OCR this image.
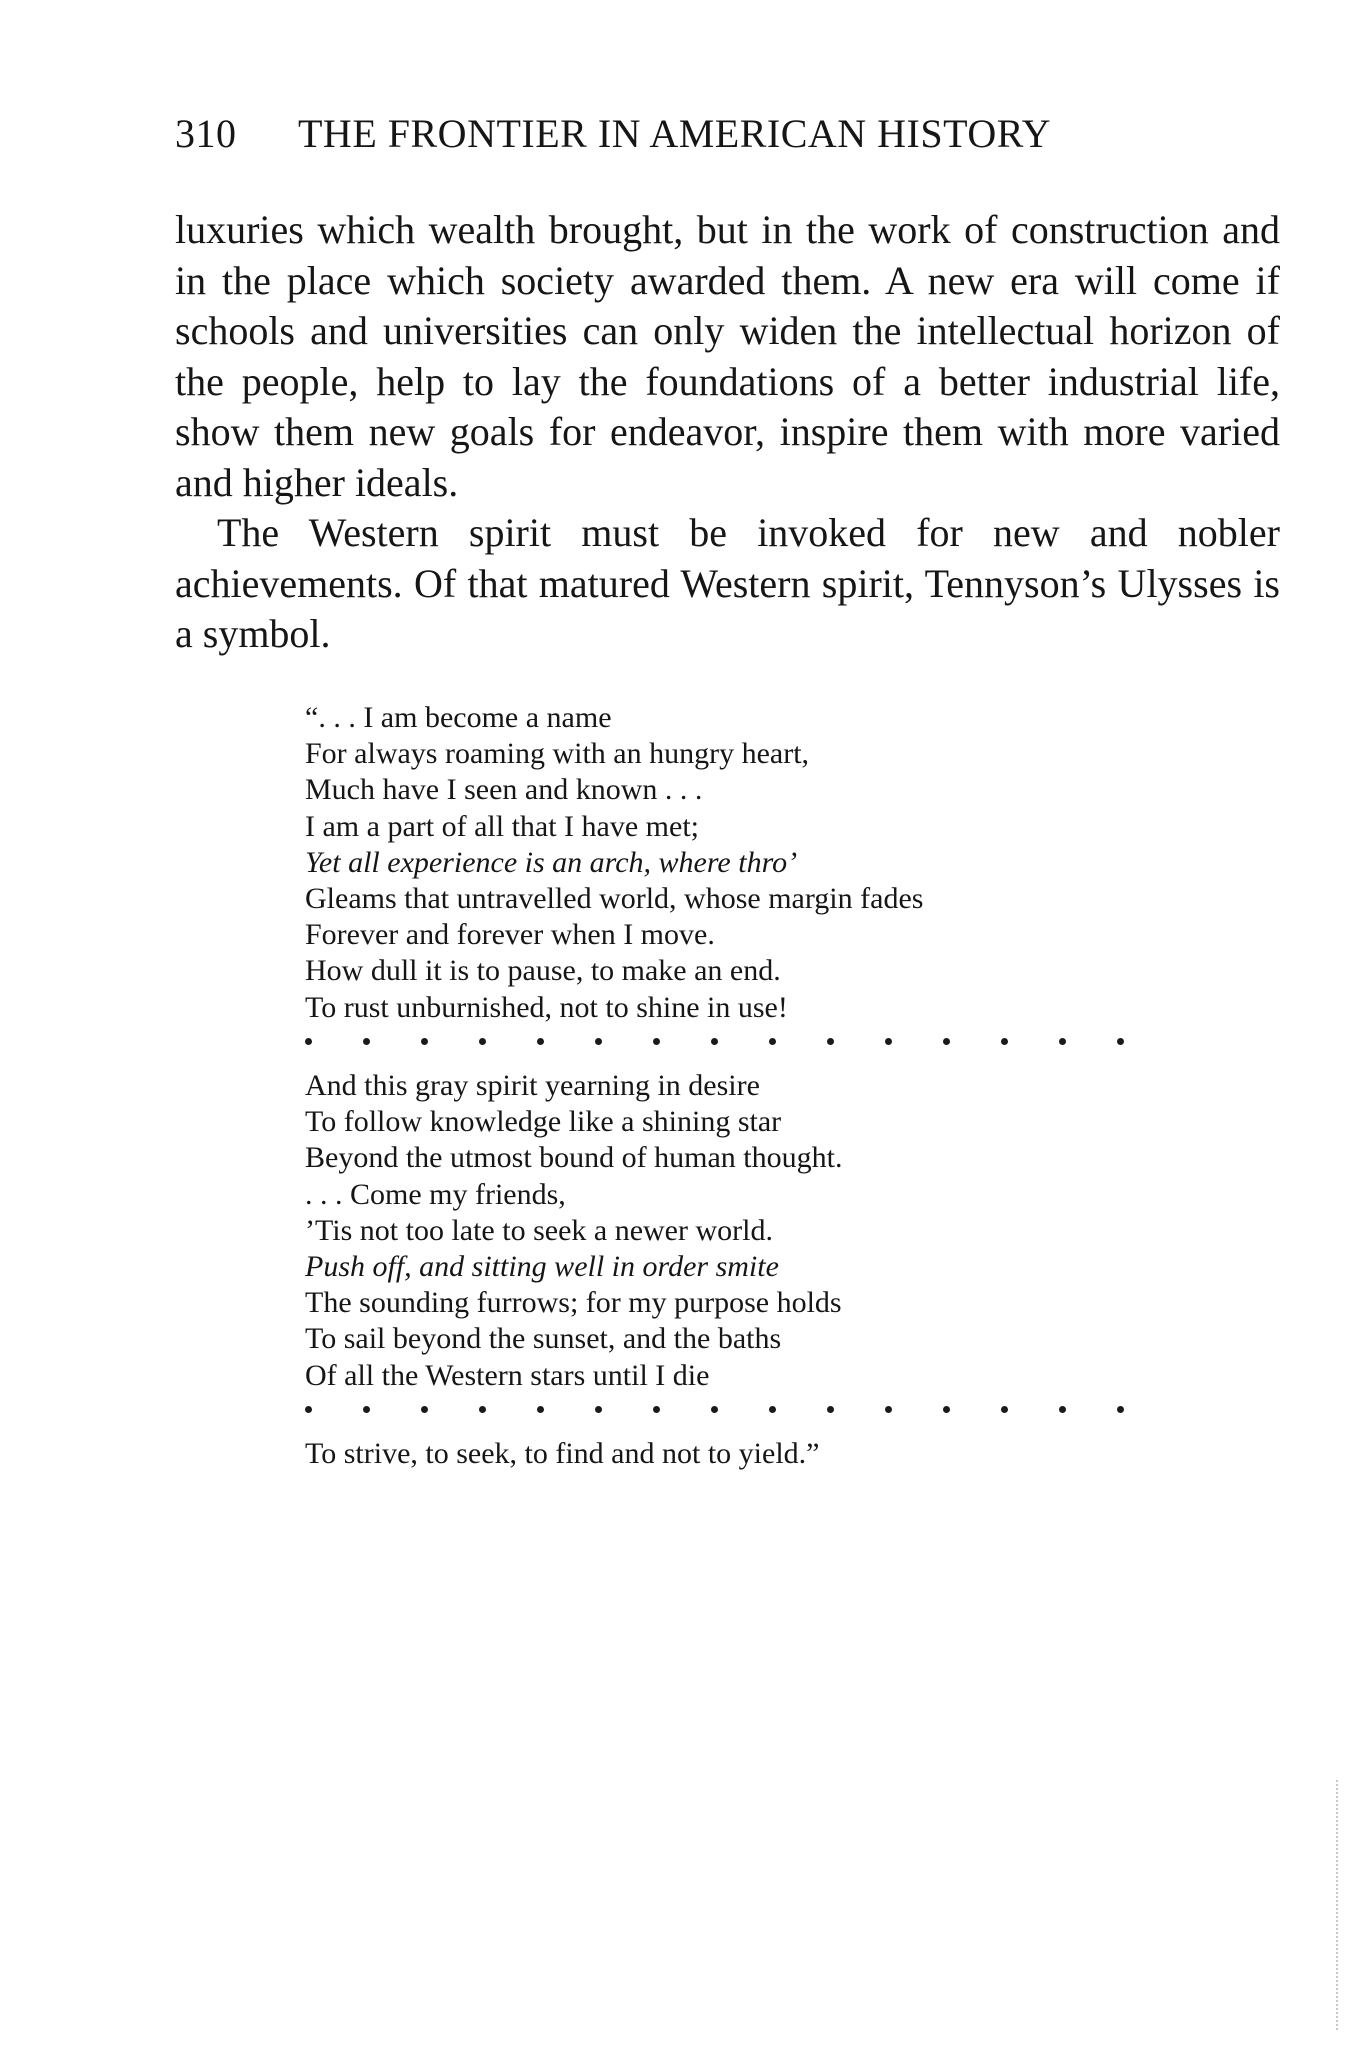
310 THE FRONTIER IN AMERICAN HISTORY

luxuries which wealth brought, but in the work of construction and in the place which society awarded them. A new era will come if schools and universities can only widen the intellectual horizon of the people, help to lay the foundations of a better industrial life, show them new goals for endeavor, inspire them with more varied and higher ideals.

The Western spirit must be invoked for new and nobler achievements. Of that matured Western spirit, Tennyson’s Ulysses is a symbol.

“. . . I am become a name
For always roaming with an hungry heart,
Much have I seen and known . . .
I am a part of all that I have met;
Yet all experience is an arch, where thro’
Gleams that untravelled world, whose margin fades
Forever and forever when I move.
How dull it is to pause, to make an end.
To rust unburnished, not to shine in use!
And this gray spirit yearning in desire
To follow knowledge like a shining star
Beyond the utmost bound of human thought.
. . . Come my friends,
’Tis not too late to seek a newer world.
Push off, and sitting well in order smite
The sounding furrows; for my purpose holds
To sail beyond the sunset, and the baths
Of all the Western stars until I die
To strive, to seek, to find and not to yield.”
